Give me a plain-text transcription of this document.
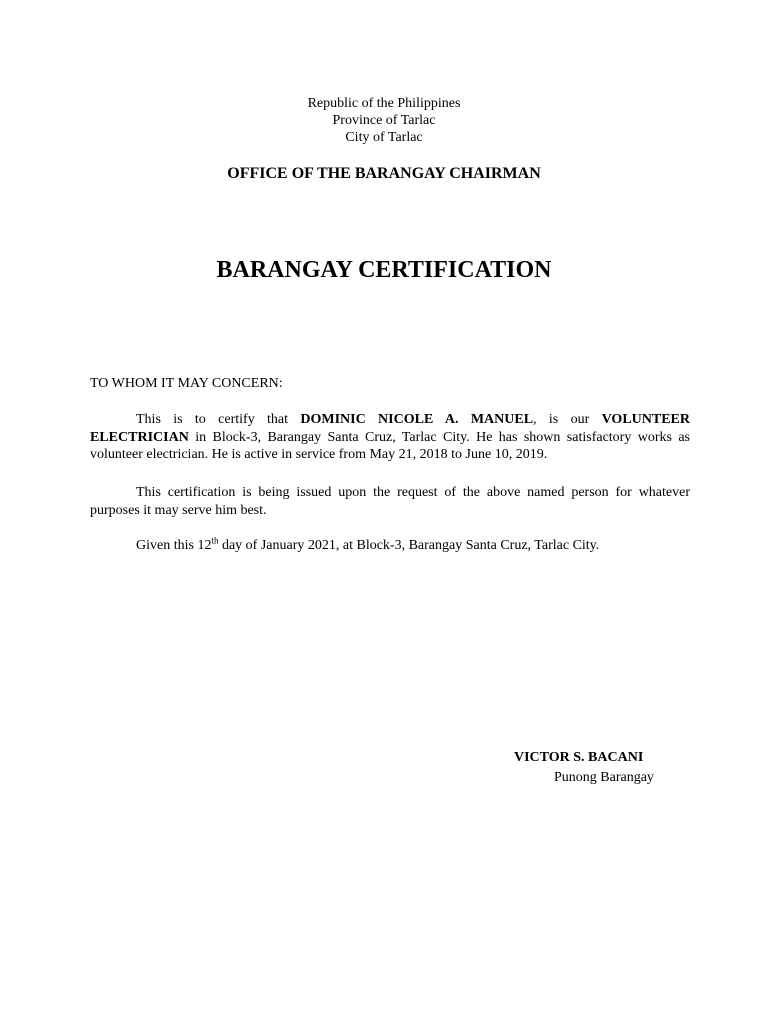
Republic of the Philippines
Province of Tarlac
City of Tarlac
OFFICE OF THE BARANGAY CHAIRMAN
BARANGAY CERTIFICATION
TO WHOM IT MAY CONCERN:
This is to certify that DOMINIC NICOLE A. MANUEL, is our VOLUNTEER ELECTRICIAN in Block-3, Barangay Santa Cruz, Tarlac City. He has shown satisfactory works as volunteer electrician. He is active in service from May 21, 2018 to June 10, 2019.
This certification is being issued upon the request of the above named person for whatever purposes it may serve him best.
Given this 12th day of January 2021, at Block-3, Barangay Santa Cruz, Tarlac City.
VICTOR S. BACANI
Punong Barangay
